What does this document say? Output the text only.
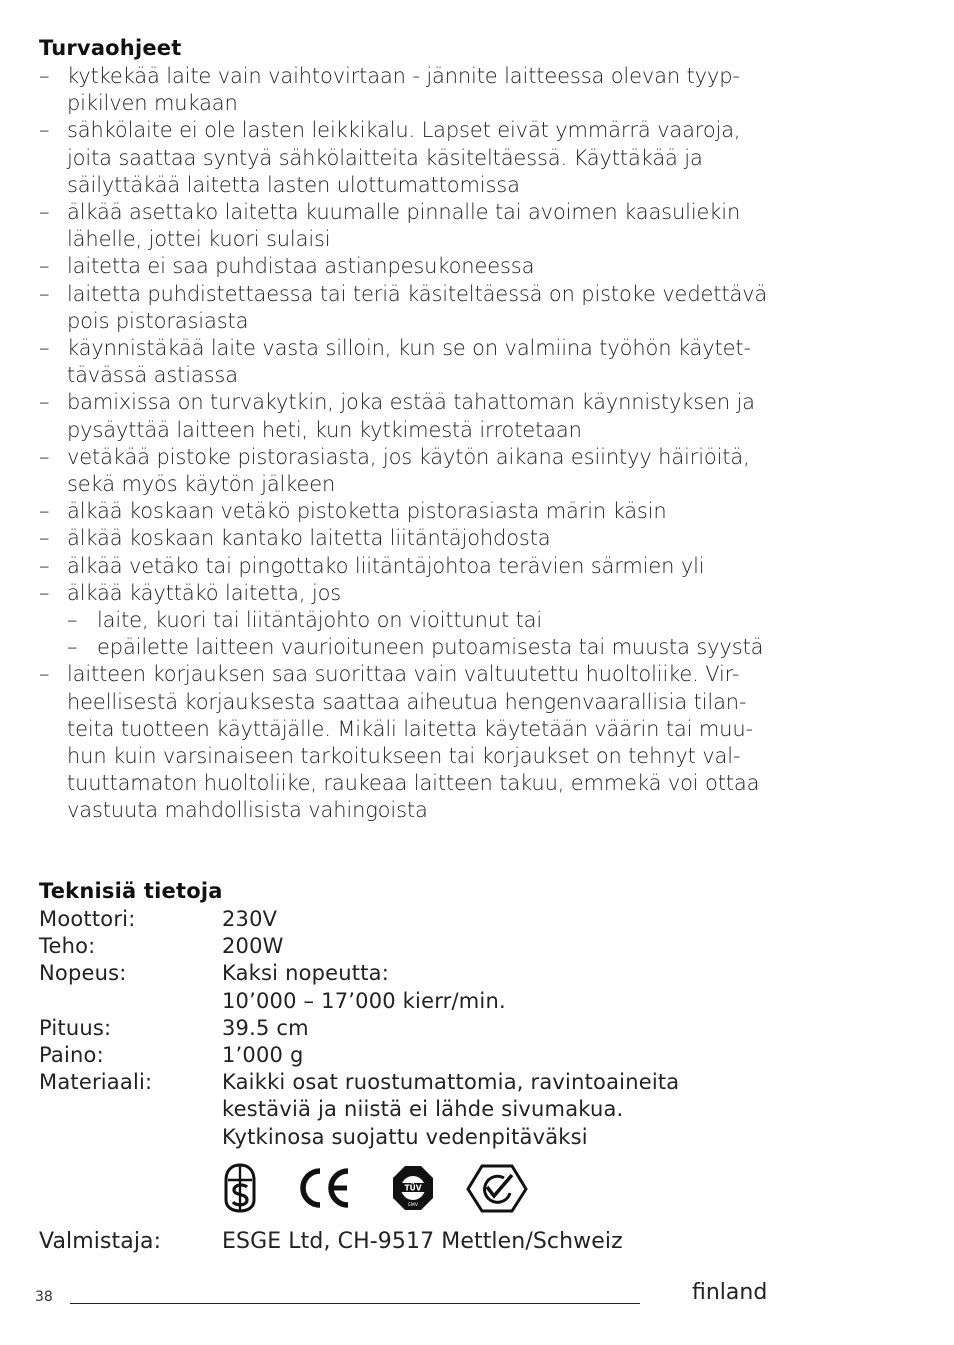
Turvaohjeet
– kytkekää laite vain vaihtovirtaan - jännite laitteessa olevan tyyp-
pikilven mukaan
– sähkölaite ei ole lasten leikkikalu. Lapset eivät ymmärrä vaaroja,
joita saattaa syntyä sähkölaitteita käsiteltäessä. Käyttäkää ja
säilyttäkää laitetta lasten ulottumattomissa
– älkää asettako laitetta kuumalle pinnalle tai avoimen kaasuliekin
lähelle, jottei kuori sulaisi
– laitetta ei saa puhdistaa astianpesukoneessa
– laitetta puhdistettaessa tai teriä käsiteltäessä on pistoke vedettävä
pois pistorasiasta
– käynnistäkää laite vasta silloin, kun se on valmiina työhön käytet-
tävässä astiassa
– bamixissa on turvakytkin, joka estää tahattoman käynnistyksen ja
pysäyttää laitteen heti, kun kytkimestä irrotetaan
– vetäkää pistoke pistorasiasta, jos käytön aikana esiintyy häiriöitä,
sekä myös käytön jälkeen
– älkää koskaan vetäkö pistoketta pistorasiasta märin käsin
– älkää koskaan kantako laitetta liitäntäjohdosta
– älkää vetäko tai pingottako liitäntäjohtoa terävien särmien yli
– älkää käyttäkö laitetta, jos
– laite, kuori tai liitäntäjohto on vioittunut tai
– epäilette laitteen vaurioituneen putoamisesta tai muusta syystä
– laitteen korjauksen saa suorittaa vain valtuutettu huoltoliike. Vir-
heellisestä korjauksesta saattaa aiheutua hengenvaarallisia tilan-
teita tuotteen käyttäjälle. Mikäli laitetta käytetään väärin tai muu-
hun kuin varsinaiseen tarkoitukseen tai korjaukset on tehnyt val-
tuuttamaton huoltoliike, raukeaa laitteen takuu, emmekä voi ottaa
vastuuta mahdollisista vahingoista
Teknisiä tietoja
Moottori:	230V
Teho:	200W
Nopeus:	Kaksi nopeutta:
10’000 – 17’000 kierr/min.
Pituus:	39.5 cm
Paino:	1’000 g
Materiaali:	Kaikki osat ruostumattomia, ravintoaineita
kestäviä ja niistä ei lähde sivumakua.
Kytkinosa suojattu vedenpitäväksi
TÜV
EMV
Valmistaja:	ESGE Ltd, CH-9517 Mettlen/Schweiz
38	finland
